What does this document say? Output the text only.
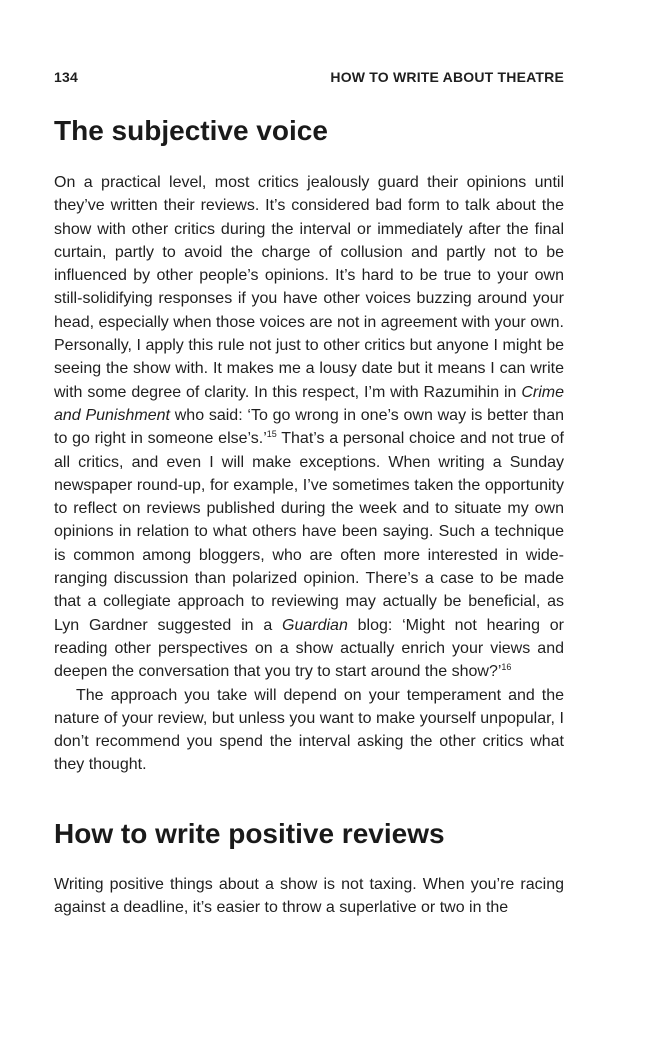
134	HOW TO WRITE ABOUT THEATRE
The subjective voice

On a practical level, most critics jealously guard their opinions until they’ve written their reviews. It’s considered bad form to talk about the show with other critics during the interval or immediately after the final curtain, partly to avoid the charge of collusion and partly not to be influenced by other people’s opinions. It’s hard to be true to your own still-solidifying responses if you have other voices buzzing around your head, especially when those voices are not in agreement with your own. Personally, I apply this rule not just to other critics but anyone I might be seeing the show with. It makes me a lousy date but it means I can write with some degree of clarity. In this respect, I’m with Razumihin in Crime and Punishment who said: ‘To go wrong in one’s own way is better than to go right in someone else’s.’$^{15}$ That’s a personal choice and not true of all critics, and even I will make exceptions. When writing a Sunday newspaper round-up, for example, I’ve sometimes taken the opportunity to reflect on reviews published during the week and to situate my own opinions in relation to what others have been saying. Such a technique is common among bloggers, who are often more interested in wide-ranging discussion than polarized opinion. There’s a case to be made that a collegiate approach to reviewing may actually be beneficial, as Lyn Gardner suggested in a Guardian blog: ‘Might not hearing or reading other perspectives on a show actually enrich your views and deepen the conversation that you try to start around the show?’$^{16}$

The approach you take will depend on your temperament and the nature of your review, but unless you want to make yourself unpopular, I don’t recommend you spend the interval asking the other critics what they thought.

How to write positive reviews

Writing positive things about a show is not taxing. When you’re racing against a deadline, it’s easier to throw a superlative or two in the
